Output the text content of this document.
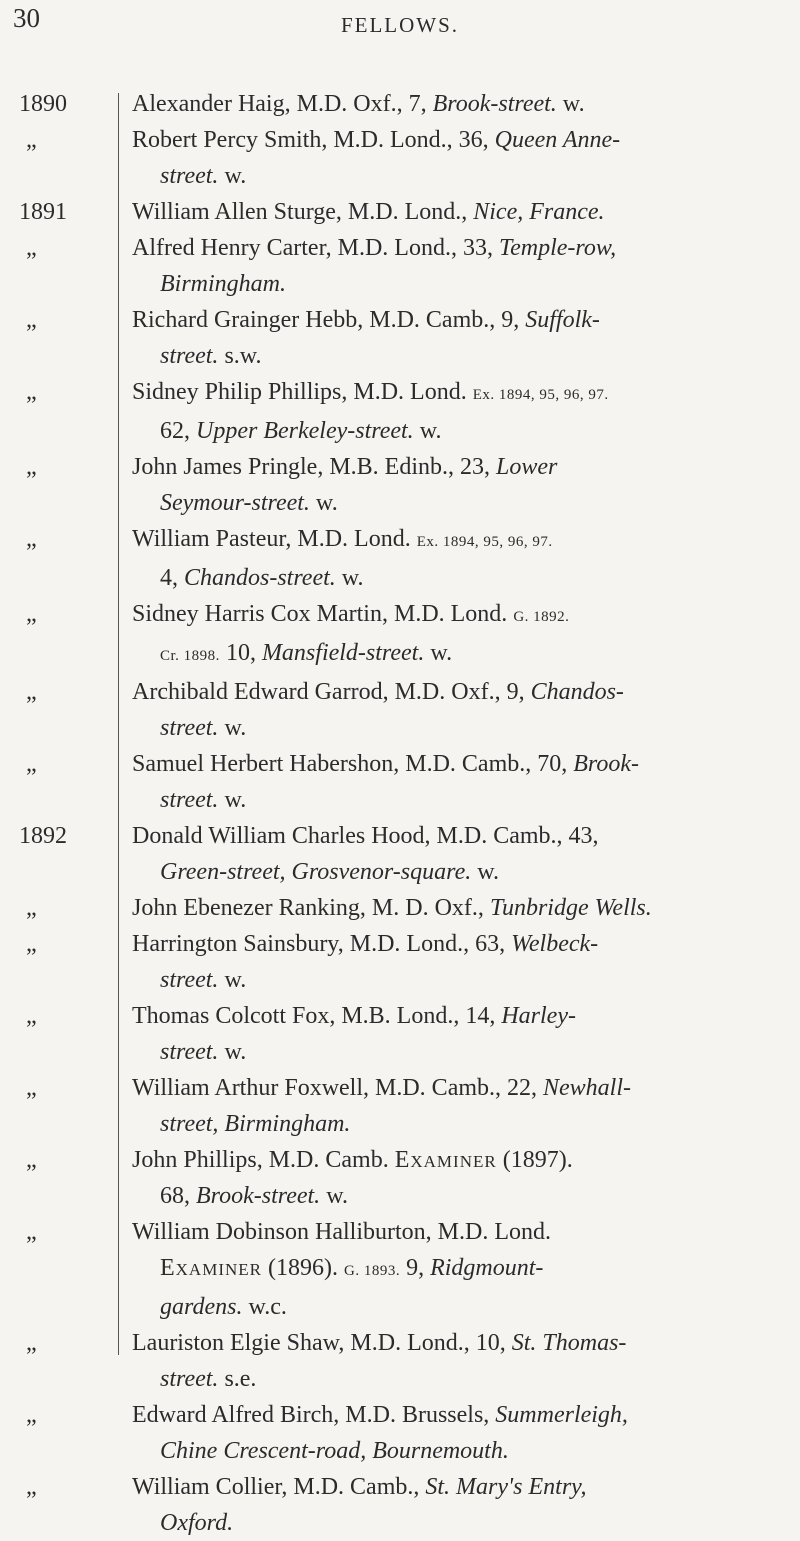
30	FELLOWS.
1890	Alexander Haig, M.D. Oxf., 7, Brook-street. w.
„	Robert Percy Smith, M.D. Lond., 36, Queen Anne-
street. w.
1891	William Allen Sturge, M.D. Lond., Nice, France.
„	Alfred Henry Carter, M.D. Lond., 33, Temple-row,
Birmingham.
„	Richard Grainger Hebb, M.D. Camb., 9, Suffolk-
street. s.w.
„	Sidney Philip Phillips, M.D. Lond. Ex. 1894, 95, 96, 97.
62, Upper Berkeley-street. w.
„	John James Pringle, M.B. Edinb., 23, Lower
Seymour-street. w.
„	William Pasteur, M.D. Lond. Ex. 1894, 95, 96, 97.
4, Chandos-street. w.
„	Sidney Harris Cox Martin, M.D. Lond. G. 1892.
Cr. 1898. 10, Mansfield-street. w.
„	Archibald Edward Garrod, M.D. Oxf., 9, Chandos-
street. w.
„	Samuel Herbert Habershon, M.D. Camb., 70, Brook-
street. w.
1892	Donald William Charles Hood, M.D. Camb., 43,
Green-street, Grosvenor-square. w.
„	John Ebenezer Ranking, M. D. Oxf., Tunbridge Wells.
„	Harrington Sainsbury, M.D. Lond., 63, Welbeck-
street. w.
„	Thomas Colcott Fox, M.B. Lond., 14, Harley-
street. w.
„	William Arthur Foxwell, M.D. Camb., 22, Newhall-
street, Birmingham.
„	John Phillips, M.D. Camb. Examiner (1897).
68, Brook-street. w.
„	William Dobinson Halliburton, M.D. Lond.
Examiner (1896). G. 1893. 9, Ridgmount-
gardens. w.c.
„	Lauriston Elgie Shaw, M.D. Lond., 10, St. Thomas-
street. s.e.
„	Edward Alfred Birch, M.D. Brussels, Summerleigh,
Chine Crescent-road, Bournemouth.
„	William Collier, M.D. Camb., St. Mary's Entry,
Oxford.
